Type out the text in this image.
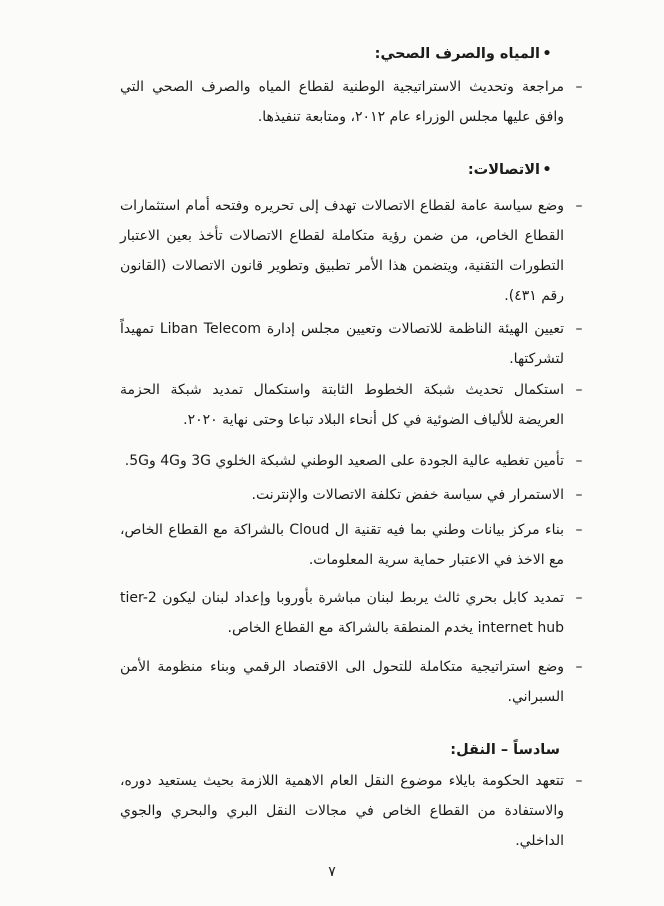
•المياه والصرف الصحي:
–

مراجعة وتحديث الاستراتيجية الوطنية لقطاع المياه والصرف الصحي التي وافق عليها مجلس الوزراء عام ٢٠١٢، ومتابعة تنفيذها.

•الاتصالات:
–

وضع سياسة عامة لقطاع الاتصالات تهدف إلى تحريره وفتحه أمام استثمارات القطاع الخاص، من ضمن رؤية متكاملة لقطاع الاتصالات تأخذ بعين الاعتبار التطورات التقنية، ويتضمن هذا الأمر تطبيق وتطوير قانون الاتصالات (القانون رقم ٤٣١).

–

تعيين الهيئة الناظمة للاتصالات وتعيين مجلس إدارة Liban Telecom تمهيداً لتشركتها.

–

استكمال تحديث شبكة الخطوط الثابتة واستكمال تمديد شبكة الحزمة العريضة للألياف الضوئية في كل أنحاء البلاد تباعا وحتى نهاية ٢٠٢٠.

–

تأمين تغطيه عالية الجودة على الصعيد الوطني لشبكة الخلوي 3G و4G و5G.

–

الاستمرار في سياسة خفض تكلفة الاتصالات والإنترنت.

–

بناء مركز بيانات وطني بما فيه تقنية ال Cloud بالشراكة مع القطاع الخاص، مع الاخذ في الاعتبار حماية سرية المعلومات.

–

تمديد كابل بحري ثالث يربط لبنان مباشرة بأوروبا وإعداد لبنان ليكون tier-2 internet hub يخدم المنطقة بالشراكة مع القطاع الخاص.

–

وضع استراتيجية متكاملة للتحول الى الاقتصاد الرقمي وبناء منظومة الأمن السبراني.

سادساً – النقل:
–

تتعهد الحكومة بايلاء موضوع النقل العام الاهمية اللازمة بحيث يستعيد دوره، والاستفادة من القطاع الخاص في مجالات النقل البري والبحري والجوي الداخلي.

٧
